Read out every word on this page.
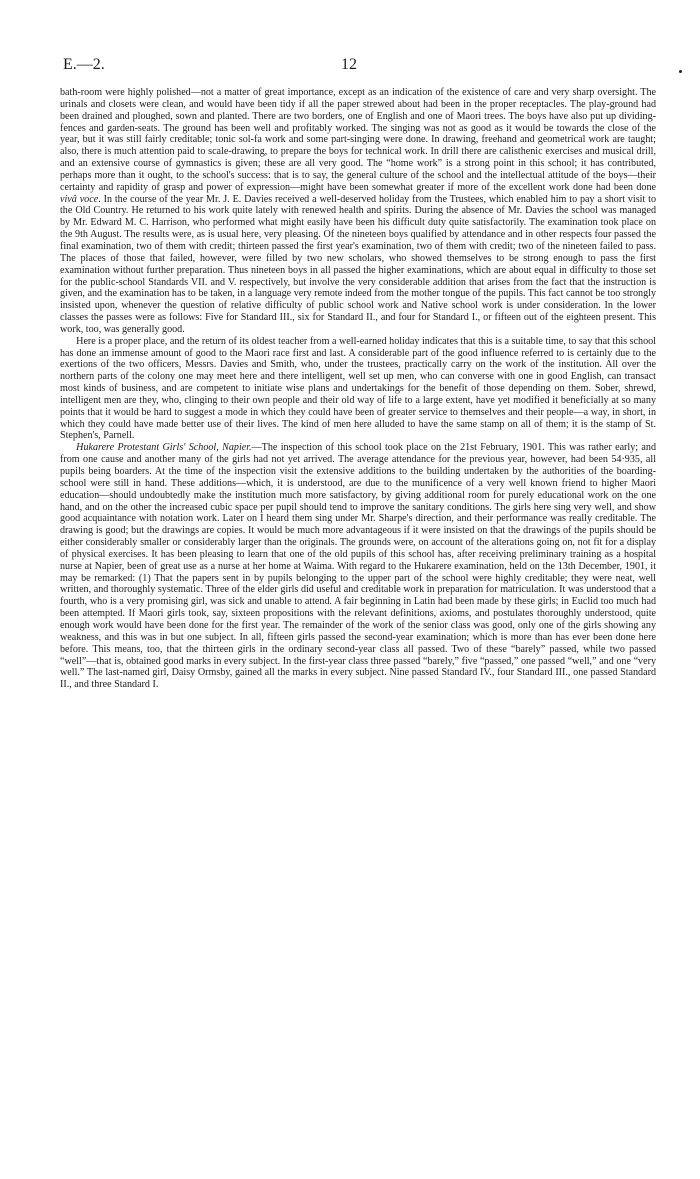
E.—2.	12

bath-room were highly polished—not a matter of great importance, except as an indication of the existence of care and very sharp oversight. The urinals and closets were clean, and would have been tidy if all the paper strewed about had been in the proper receptacles. The play-ground had been drained and ploughed, sown and planted. There are two borders, one of English and one of Maori trees. The boys have also put up dividing-fences and garden-seats. The ground has been well and profitably worked. The singing was not as good as it would be towards the close of the year, but it was still fairly creditable; tonic sol-fa work and some part-singing were done. In drawing, freehand and geometrical work are taught; also, there is much attention paid to scale-drawing, to prepare the boys for technical work. In drill there are calisthenic exercises and musical drill, and an extensive course of gymnastics is given; these are all very good. The “home work” is a strong point in this school; it has contributed, perhaps more than it ought, to the school's success: that is to say, the general culture of the school and the intellectual attitude of the boys—their certainty and rapidity of grasp and power of expression—might have been somewhat greater if more of the excellent work done had been done vivâ voce. In the course of the year Mr. J. E. Davies received a well-deserved holiday from the Trustees, which enabled him to pay a short visit to the Old Country. He returned to his work quite lately with renewed health and spirits. During the absence of Mr. Davies the school was managed by Mr. Edward M. C. Harrison, who performed what might easily have been his difficult duty quite satisfactorily. The examination took place on the 9th August. The results were, as is usual here, very pleasing. Of the nineteen boys qualified by attendance and in other respects four passed the final examination, two of them with credit; thirteen passed the first year's examination, two of them with credit; two of the nineteen failed to pass. The places of those that failed, however, were filled by two new scholars, who showed themselves to be strong enough to pass the first examination without further preparation. Thus nineteen boys in all passed the higher examinations, which are about equal in difficulty to those set for the public-school Standards VII. and V. respectively, but involve the very considerable addition that arises from the fact that the instruction is given, and the examination has to be taken, in a language very remote indeed from the mother tongue of the pupils. This fact cannot be too strongly insisted upon, whenever the question of relative difficulty of public school work and Native school work is under consideration. In the lower classes the passes were as follows: Five for Standard III., six for Standard II., and four for Standard I., or fifteen out of the eighteen present. This work, too, was generally good.

Here is a proper place, and the return of its oldest teacher from a well-earned holiday indicates that this is a suitable time, to say that this school has done an immense amount of good to the Maori race first and last. A considerable part of the good influence referred to is certainly due to the exertions of the two officers, Messrs. Davies and Smith, who, under the trustees, practically carry on the work of the institution. All over the northern parts of the colony one may meet here and there intelligent, well set up men, who can converse with one in good English, can transact most kinds of business, and are competent to initiate wise plans and undertakings for the benefit of those depending on them. Sober, shrewd, intelligent men are they, who, clinging to their own people and their old way of life to a large extent, have yet modified it beneficially at so many points that it would be hard to suggest a mode in which they could have been of greater service to themselves and their people—a way, in short, in which they could have made better use of their lives. The kind of men here alluded to have the same stamp on all of them; it is the stamp of St. Stephen's, Parnell.

Hukarere Protestant Girls' School, Napier.—The inspection of this school took place on the 21st February, 1901. This was rather early; and from one cause and another many of the girls had not yet arrived. The average attendance for the previous year, however, had been 54·935, all pupils being boarders. At the time of the inspection visit the extensive additions to the building undertaken by the authorities of the boarding-school were still in hand. These additions—which, it is understood, are due to the munificence of a very well known friend to higher Maori education—should undoubtedly make the institution much more satisfactory, by giving additional room for purely educational work on the one hand, and on the other the increased cubic space per pupil should tend to improve the sanitary conditions. The girls here sing very well, and show good acquaintance with notation work. Later on I heard them sing under Mr. Sharpe's direction, and their performance was really creditable. The drawing is good; but the drawings are copies. It would be much more advantageous if it were insisted on that the drawings of the pupils should be either considerably smaller or considerably larger than the originals. The grounds were, on account of the alterations going on, not fit for a display of physical exercises. It has been pleasing to learn that one of the old pupils of this school has, after receiving preliminary training as a hospital nurse at Napier, been of great use as a nurse at her home at Waima. With regard to the Hukarere examination, held on the 13th December, 1901, it may be remarked: (1) That the papers sent in by pupils belonging to the upper part of the school were highly creditable; they were neat, well written, and thoroughly systematic. Three of the elder girls did useful and creditable work in preparation for matriculation. It was understood that a fourth, who is a very promising girl, was sick and unable to attend. A fair beginning in Latin had been made by these girls; in Euclid too much had been attempted. If Maori girls took, say, sixteen propositions with the relevant definitions, axioms, and postulates thoroughly understood, quite enough work would have been done for the first year. The remainder of the work of the senior class was good, only one of the girls showing any weakness, and this was in but one subject. In all, fifteen girls passed the second-year examination; which is more than has ever been done here before. This means, too, that the thirteen girls in the ordinary second-year class all passed. Two of these “barely” passed, while two passed “well”—that is, obtained good marks in every subject. In the first-year class three passed “barely,” five “passed,” one passed “well,” and one “very well.” The last-named girl, Daisy Ormsby, gained all the marks in every subject. Nine passed Standard IV., four Standard III., one passed Standard II., and three Standard I.
